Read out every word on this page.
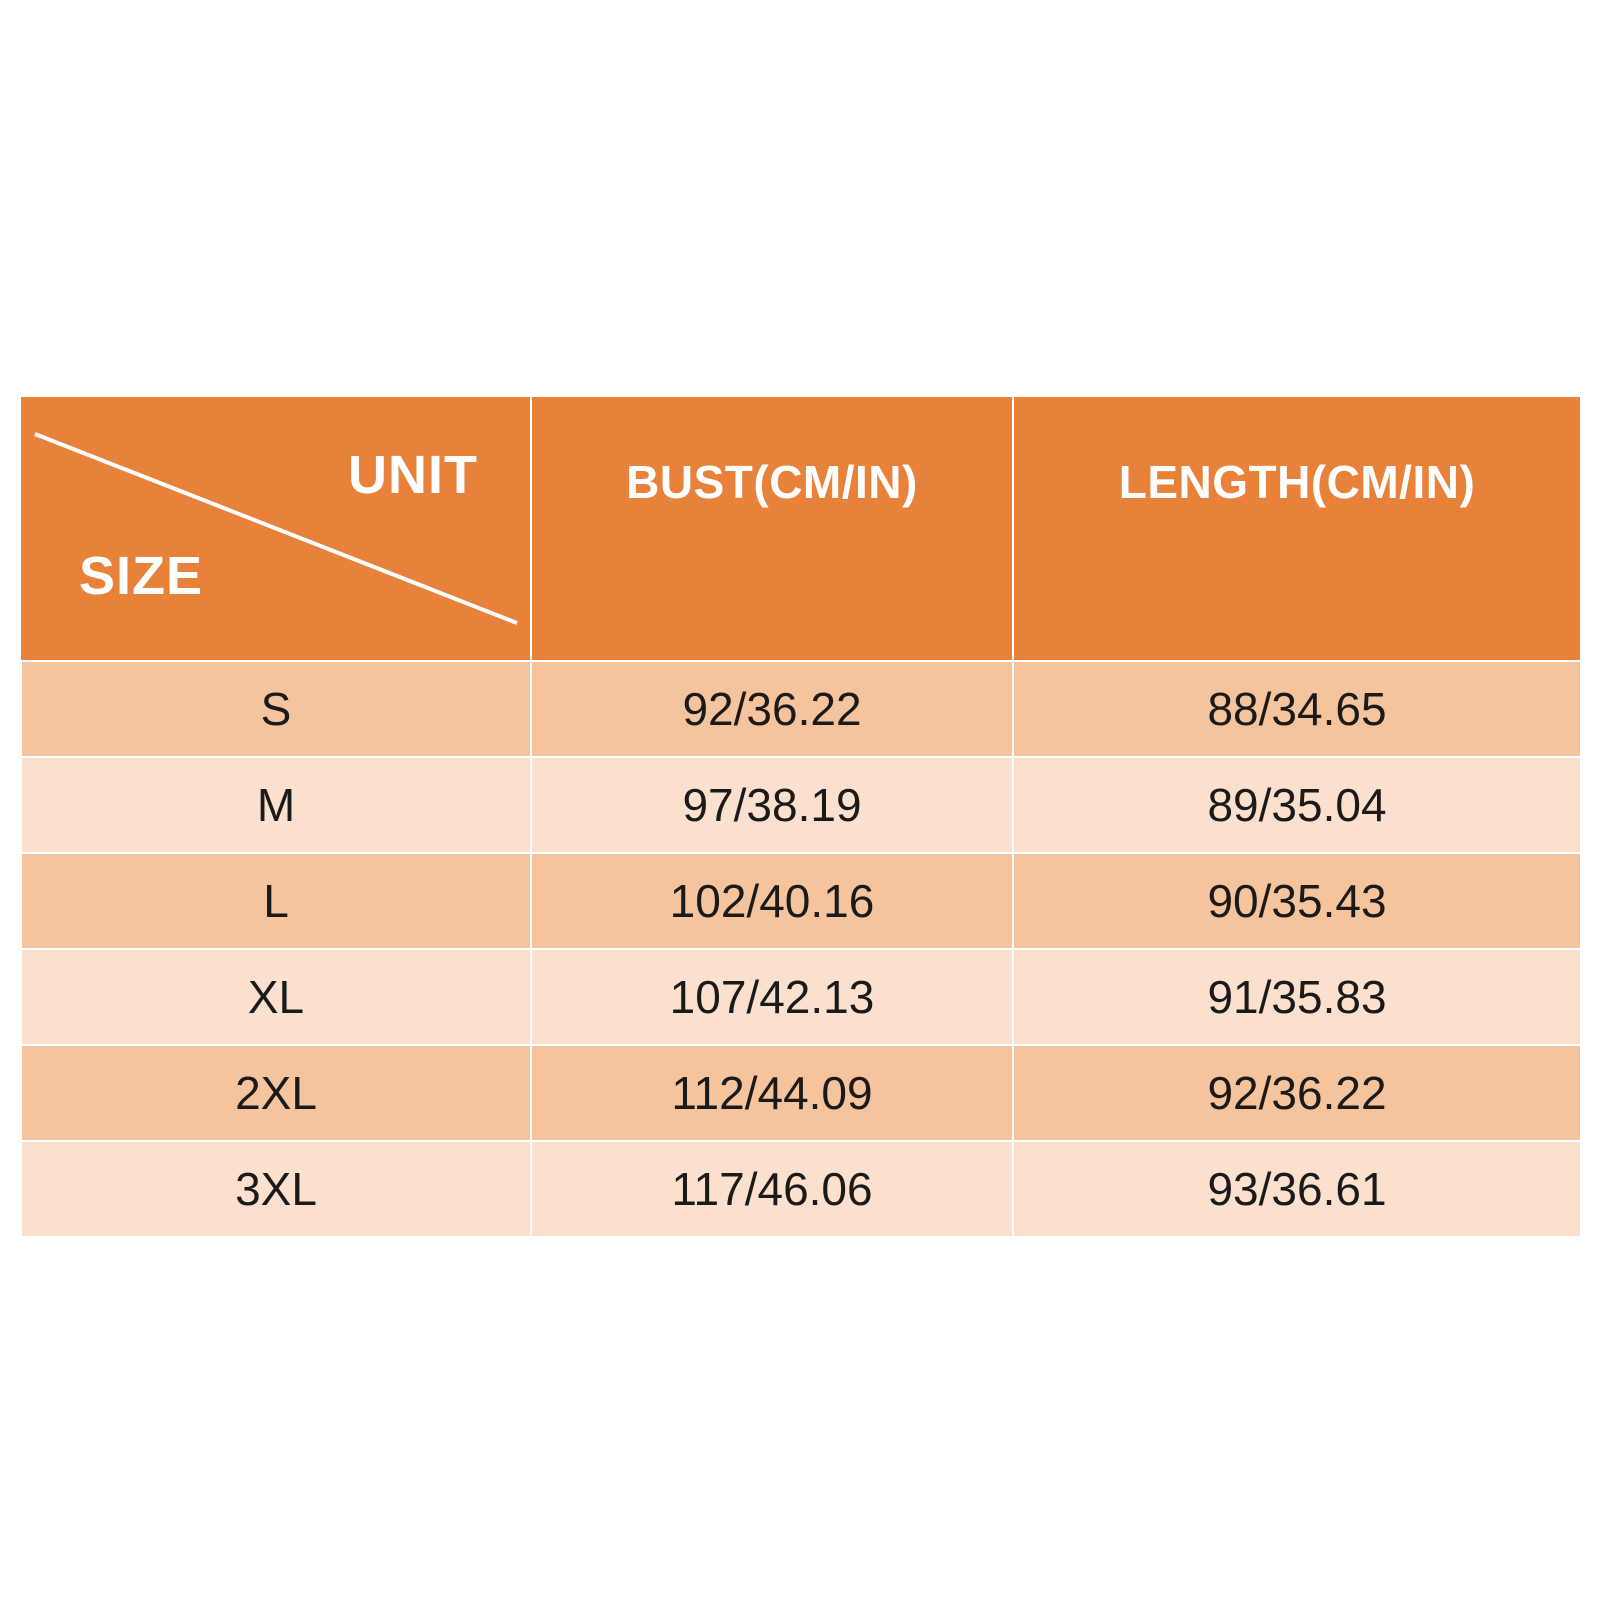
UNIT
SIZE	BUST(CM/IN)	LENGTH(CM/IN)
S	92/36.22	88/34.65
M	97/38.19	89/35.04
L	102/40.16	90/35.43
XL	107/42.13	91/35.83
2XL	112/44.09	92/36.22
3XL	117/46.06	93/36.61
